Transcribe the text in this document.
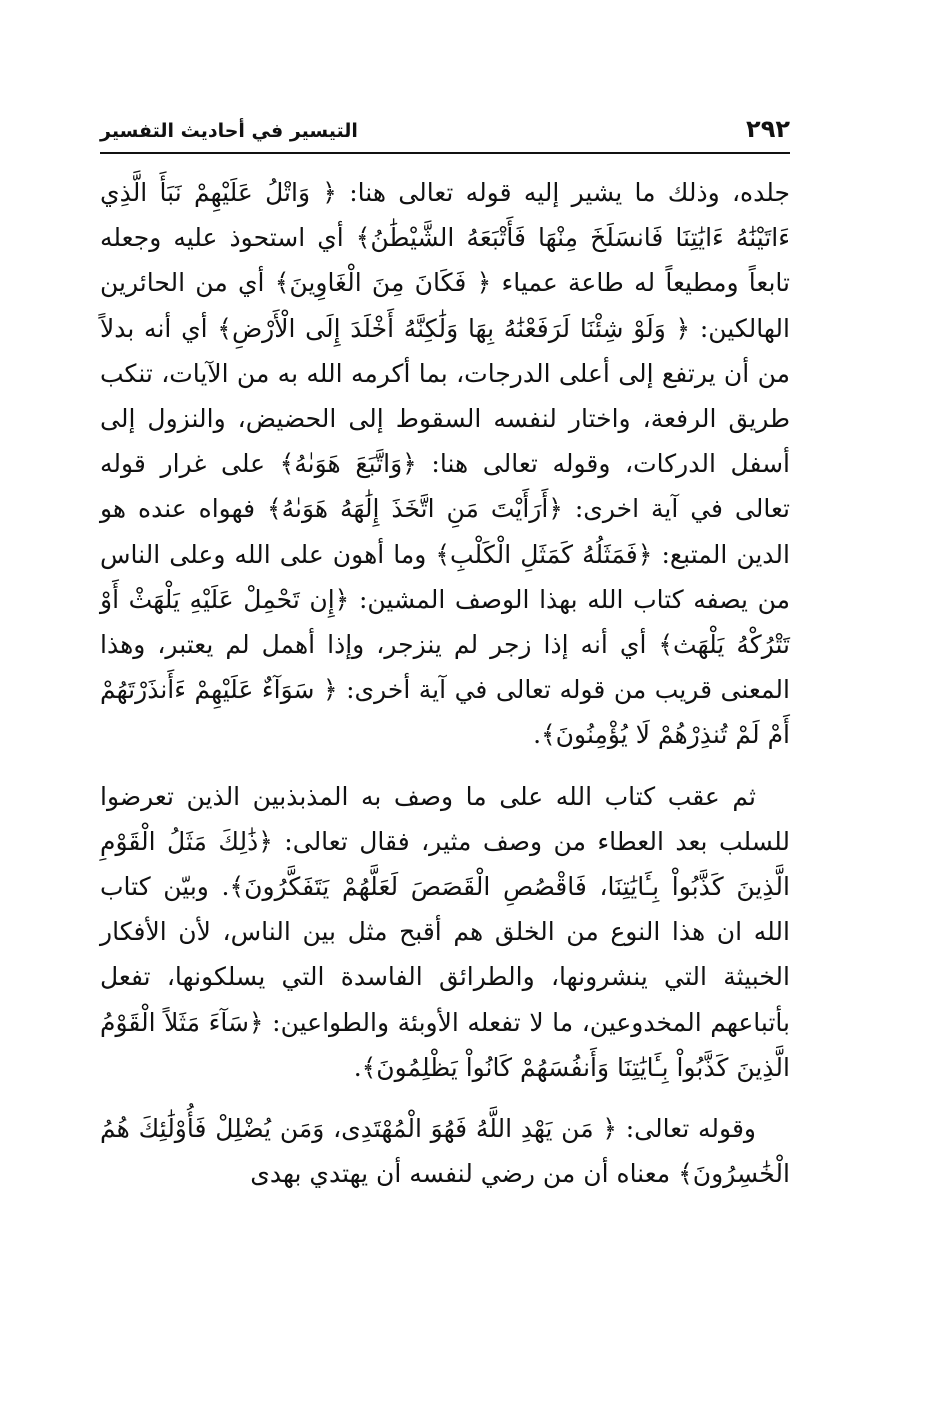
٢٩٢
التيسير في أحاديث التفسير

جلده، وذلك ما يشير إليه قوله تعالى هنا: ﴿ وَاتْلُ عَلَيْهِمْ نَبَأَ الَّذِي ءَاتَيْنَٰهُ ءَايَٰتِنَا فَانسَلَخَ مِنْهَا فَأَتْبَعَهُ الشَّيْطَٰنُ﴾ أي استحوذ عليه وجعله تابعاً ومطيعاً له طاعة عمياء ﴿ فَكَانَ مِنَ الْغَاوِينَ﴾ أي من الحائرين الهالكين: ﴿ وَلَوْ شِئْنَا لَرَفَعْنَٰهُ بِهَا وَلَٰكِنَّهُ أَخْلَدَ إِلَى الْأَرْضِ﴾ أي أنه بدلاً من أن يرتفع إلى أعلى الدرجات، بما أكرمه الله به من الآيات، تنكب طريق الرفعة، واختار لنفسه السقوط إلى الحضيض، والنزول إلى أسفل الدركات، وقوله تعالى هنا: ﴿وَاتَّبَعَ هَوَىٰهُ﴾ على غرار قوله تعالى في آية اخرى: ﴿أَرَأَيْتَ مَنِ اتَّخَذَ إِلَٰهَهُ هَوَىٰهُ﴾ فهواه عنده هو الدين المتبع: ﴿فَمَثَلُهُ كَمَثَلِ الْكَلْبِ﴾ وما أهون على الله وعلى الناس من يصفه كتاب الله بهذا الوصف المشين: ﴿إِن تَحْمِلْ عَلَيْهِ يَلْهَثْ أَوْ تَتْرُكْهُ يَلْهَث﴾ أي أنه إذا زجر لم ينزجر، وإذا أهمل لم يعتبر، وهذا المعنى قريب من قوله تعالى في آية أخرى: ﴿ سَوَآءٌ عَلَيْهِمْ ءَأَنذَرْتَهُمْ أَمْ لَمْ تُنذِرْهُمْ لَا يُؤْمِنُونَ﴾.

ثم عقب كتاب الله على ما وصف به المذبذبين الذين تعرضوا للسلب بعد العطاء من وصف مثير، فقال تعالى: ﴿ذَٰلِكَ مَثَلُ الْقَوْمِ الَّذِينَ كَذَّبُواْ بِـَٔايَٰتِنَا، فَاقْصُصِ الْقَصَصَ لَعَلَّهُمْ يَتَفَكَّرُونَ﴾. وبيّن كتاب الله ان هذا النوع من الخلق هم أقبح مثل بين الناس، لأن الأفكار الخبيثة التي ينشرونها، والطرائق الفاسدة التي يسلكونها، تفعل بأتباعهم المخدوعين، ما لا تفعله الأوبئة والطواعين: ﴿سَآءَ مَثَلاً الْقَوْمُ الَّذِينَ كَذَّبُواْ بِـَٔايَٰتِنَا وَأَنفُسَهُمْ كَانُواْ يَظْلِمُونَ﴾.

وقوله تعالى: ﴿ مَن يَهْدِ اللَّهُ فَهُوَ الْمُهْتَدِى، وَمَن يُضْلِلْ فَأُوْلَٰئِكَ هُمُ الْخَٰسِرُونَ﴾ معناه أن من رضي لنفسه أن يهتدي بهدى
